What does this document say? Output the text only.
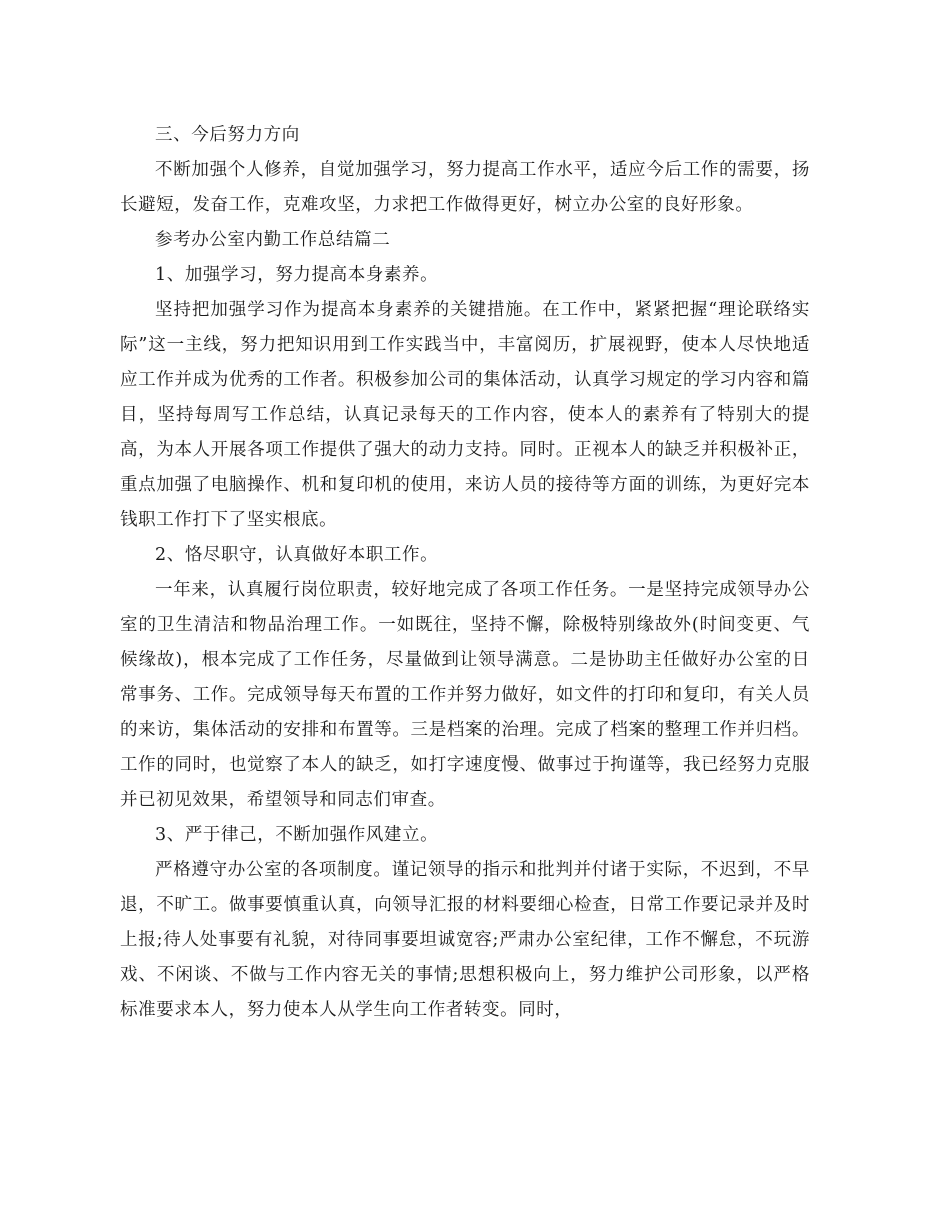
三、今后努力方向

不断加强个人修养，自觉加强学习，努力提高工作水平，适应今后工作的需要，扬长避短，发奋工作，克难攻坚，力求把工作做得更好，树立办公室的良好形象。

参考办公室内勤工作总结篇二

1、加强学习，努力提高本身素养。

坚持把加强学习作为提高本身素养的关键措施。在工作中，紧紧把握“理论联络实际”这一主线，努力把知识用到工作实践当中，丰富阅历，扩展视野，使本人尽快地适应工作并成为优秀的工作者。积极参加公司的集体活动，认真学习规定的学习内容和篇目，坚持每周写工作总结，认真记录每天的工作内容，使本人的素养有了特别大的提高，为本人开展各项工作提供了强大的动力支持。同时。正视本人的缺乏并积极补正，重点加强了电脑操作、机和复印机的使用，来访人员的接待等方面的训练，为更好完本钱职工作打下了坚实根底。

2、恪尽职守，认真做好本职工作。

一年来，认真履行岗位职责，较好地完成了各项工作任务。一是坚持完成领导办公室的卫生清洁和物品治理工作。一如既往，坚持不懈，除极特别缘故外(时间变更、气候缘故)，根本完成了工作任务，尽量做到让领导满意。二是协助主任做好办公室的日常事务、工作。完成领导每天布置的工作并努力做好，如文件的打印和复印，有关人员的来访，集体活动的安排和布置等。三是档案的治理。完成了档案的整理工作并归档。工作的同时，也觉察了本人的缺乏，如打字速度慢、做事过于拘谨等，我已经努力克服并已初见效果，希望领导和同志们审查。

3、严于律己，不断加强作风建立。

严格遵守办公室的各项制度。谨记领导的指示和批判并付诸于实际，不迟到，不早退，不旷工。做事要慎重认真，向领导汇报的材料要细心检查，日常工作要记录并及时上报;待人处事要有礼貌，对待同事要坦诚宽容;严肃办公室纪律，工作不懈怠，不玩游戏、不闲谈、不做与工作内容无关的事情;思想积极向上，努力维护公司形象，以严格标准要求本人，努力使本人从学生向工作者转变。同时，
